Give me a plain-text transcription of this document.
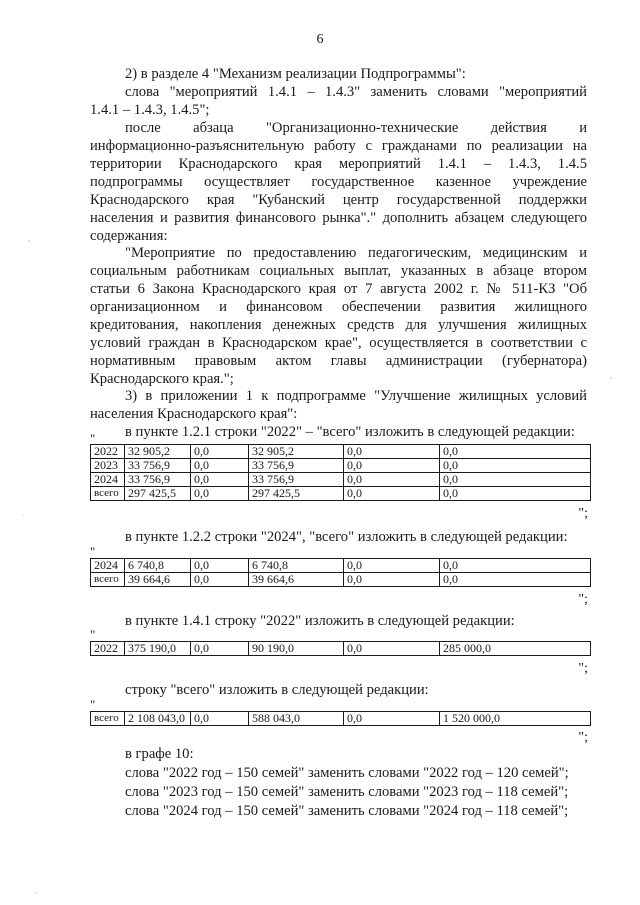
6
2) в разделе 4 "Механизм реализации Подпрограммы":
слова "мероприятий 1.4.1 – 1.4.3" заменить словами "мероприятий
1.4.1 – 1.4.3, 1.4.5";
после абзаца "Организационно-технические действия и
информационно-разъяснительную работу с гражданами по реализации на
территории Краснодарского края мероприятий 1.4.1 – 1.4.3, 1.4.5
подпрограммы осуществляет государственное казенное учреждение
Краснодарского края "Кубанский центр государственной поддержки
населения и развития финансового рынка"." дополнить абзацем следующего
содержания:
"Мероприятие по предоставлению педагогическим, медицинским и
социальным работникам социальных выплат, указанных в абзаце втором
статьи 6 Закона Краснодарского края от 7 августа 2002 г. № 511-КЗ "Об
организационном и финансовом обеспечении развития жилищного
кредитования, накопления денежных средств для улучшения жилищных
условий граждан в Краснодарском крае", осуществляется в соответствии с
нормативным правовым актом главы администрации (губернатора)
Краснодарского края.";
3) в приложении 1 к подпрограмме "Улучшение жилищных условий
населения Краснодарского края":
в пункте 1.2.1 строки "2022" – "всего" изложить в следующей редакции:
"
2022	32 905,2	0,0	32 905,2	0,0	0,0
2023	33 756,9	0,0	33 756,9	0,0	0,0
2024	33 756,9	0,0	33 756,9	0,0	0,0
всего	297 425,5	0,0	297 425,5	0,0	0,0
";
в пункте 1.2.2 строки "2024", "всего" изложить в следующей редакции:
"
2024	6 740,8	0,0	6 740,8	0,0	0,0
всего	39 664,6	0,0	39 664,6	0,0	0,0
";
в пункте 1.4.1 строку "2022" изложить в следующей редакции:
"
2022	375 190,0	0,0	90 190,0	0,0	285 000,0
";
строку "всего" изложить в следующей редакции:
"
всего	2 108 043,0	0,0	588 043,0	0,0	1 520 000,0
";
в графе 10:
слова "2022 год – 150 семей" заменить словами "2022 год – 120 семей";
слова "2023 год – 150 семей" заменить словами "2023 год – 118 семей";
слова "2024 год – 150 семей" заменить словами "2024 год – 118 семей";
